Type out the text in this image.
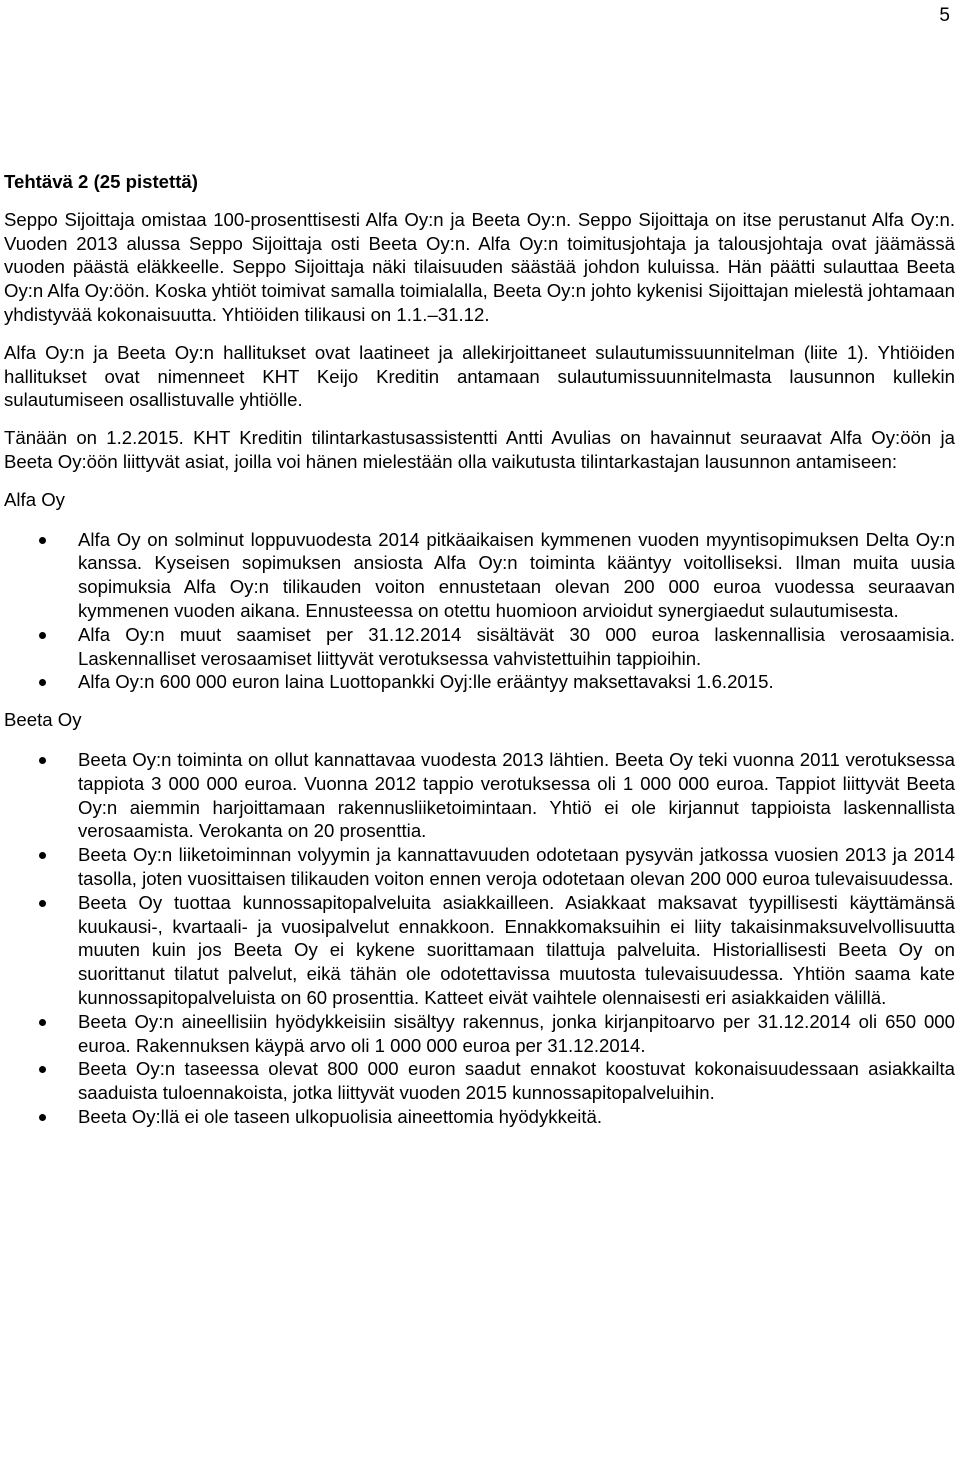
5
Tehtävä 2 (25 pistettä)
Seppo Sijoittaja omistaa 100-prosenttisesti Alfa Oy:n ja Beeta Oy:n. Seppo Sijoittaja on itse perustanut Alfa Oy:n. Vuoden 2013 alussa Seppo Sijoittaja osti Beeta Oy:n. Alfa Oy:n toimitusjohtaja ja talousjohtaja ovat jäämässä vuoden päästä eläkkeelle. Seppo Sijoittaja näki tilaisuuden säästää johdon kuluissa. Hän päätti sulauttaa Beeta Oy:n Alfa Oy:öön. Koska yhtiöt toimivat samalla toimialalla, Beeta Oy:n johto kykenisi Sijoittajan mielestä johtamaan yhdistyvää kokonaisuutta. Yhtiöiden tilikausi on 1.1.–31.12.
Alfa Oy:n ja Beeta Oy:n hallitukset ovat laatineet ja allekirjoittaneet sulautumissuunnitelman (liite 1). Yhtiöiden hallitukset ovat nimenneet KHT Keijo Kreditin antamaan sulautumissuunnitelmasta lausunnon kullekin sulautumiseen osallistuvalle yhtiölle.
Tänään on 1.2.2015. KHT Kreditin tilintarkastusassistentti Antti Avulias on havainnut seuraavat Alfa Oy:öön ja Beeta Oy:öön liittyvät asiat, joilla voi hänen mielestään olla vaikutusta tilintarkastajan lausunnon antamiseen:
Alfa Oy
Alfa Oy on solminut loppuvuodesta 2014 pitkäaikaisen kymmenen vuoden myyntisopimuksen Delta Oy:n kanssa. Kyseisen sopimuksen ansiosta Alfa Oy:n toiminta kääntyy voitolliseksi. Ilman muita uusia sopimuksia Alfa Oy:n tilikauden voiton ennustetaan olevan 200 000 euroa vuodessa seuraavan kymmenen vuoden aikana. Ennusteessa on otettu huomioon arvioidut synergiaedut sulautumisesta.
Alfa Oy:n muut saamiset per 31.12.2014 sisältävät 30 000 euroa laskennallisia verosaamisia. Laskennalliset verosaamiset liittyvät verotuksessa vahvistettuihin tappioihin.
Alfa Oy:n 600 000 euron laina Luottopankki Oyj:lle erääntyy maksettavaksi 1.6.2015.
Beeta Oy
Beeta Oy:n toiminta on ollut kannattavaa vuodesta 2013 lähtien. Beeta Oy teki vuonna 2011 verotuksessa tappiota 3 000 000 euroa. Vuonna 2012 tappio verotuksessa oli 1 000 000 euroa. Tappiot liittyvät Beeta Oy:n aiemmin harjoittamaan rakennusliiketoimintaan. Yhtiö ei ole kirjannut tappioista laskennallista verosaamista. Verokanta on 20 prosenttia.
Beeta Oy:n liiketoiminnan volyymin ja kannattavuuden odotetaan pysyvän jatkossa vuosien 2013 ja 2014 tasolla, joten vuosittaisen tilikauden voiton ennen veroja odotetaan olevan 200 000 euroa tulevaisuudessa.
Beeta Oy tuottaa kunnossapitopalveluita asiakkailleen. Asiakkaat maksavat tyypillisesti käyttämänsä kuukausi-, kvartaali- ja vuosipalvelut ennakkoon. Ennakkomaksuihin ei liity takaisinmaksuvelvollisuutta muuten kuin jos Beeta Oy ei kykene suorittamaan tilattuja palveluita. Historiallisesti Beeta Oy on suorittanut tilatut palvelut, eikä tähän ole odotettavissa muutosta tulevaisuudessa. Yhtiön saama kate kunnossapitopalveluista on 60 prosenttia. Katteet eivät vaihtele olennaisesti eri asiakkaiden välillä.
Beeta Oy:n aineellisiin hyödykkeisiin sisältyy rakennus, jonka kirjanpitoarvo per 31.12.2014 oli 650 000 euroa. Rakennuksen käypä arvo oli 1 000 000 euroa per 31.12.2014.
Beeta Oy:n taseessa olevat 800 000 euron saadut ennakot koostuvat kokonaisuudessaan asiakkailta saaduista tuloennakoista, jotka liittyvät vuoden 2015 kunnossapitopalveluihin.
Beeta Oy:llä ei ole taseen ulkopuolisia aineettomia hyödykkeitä.
